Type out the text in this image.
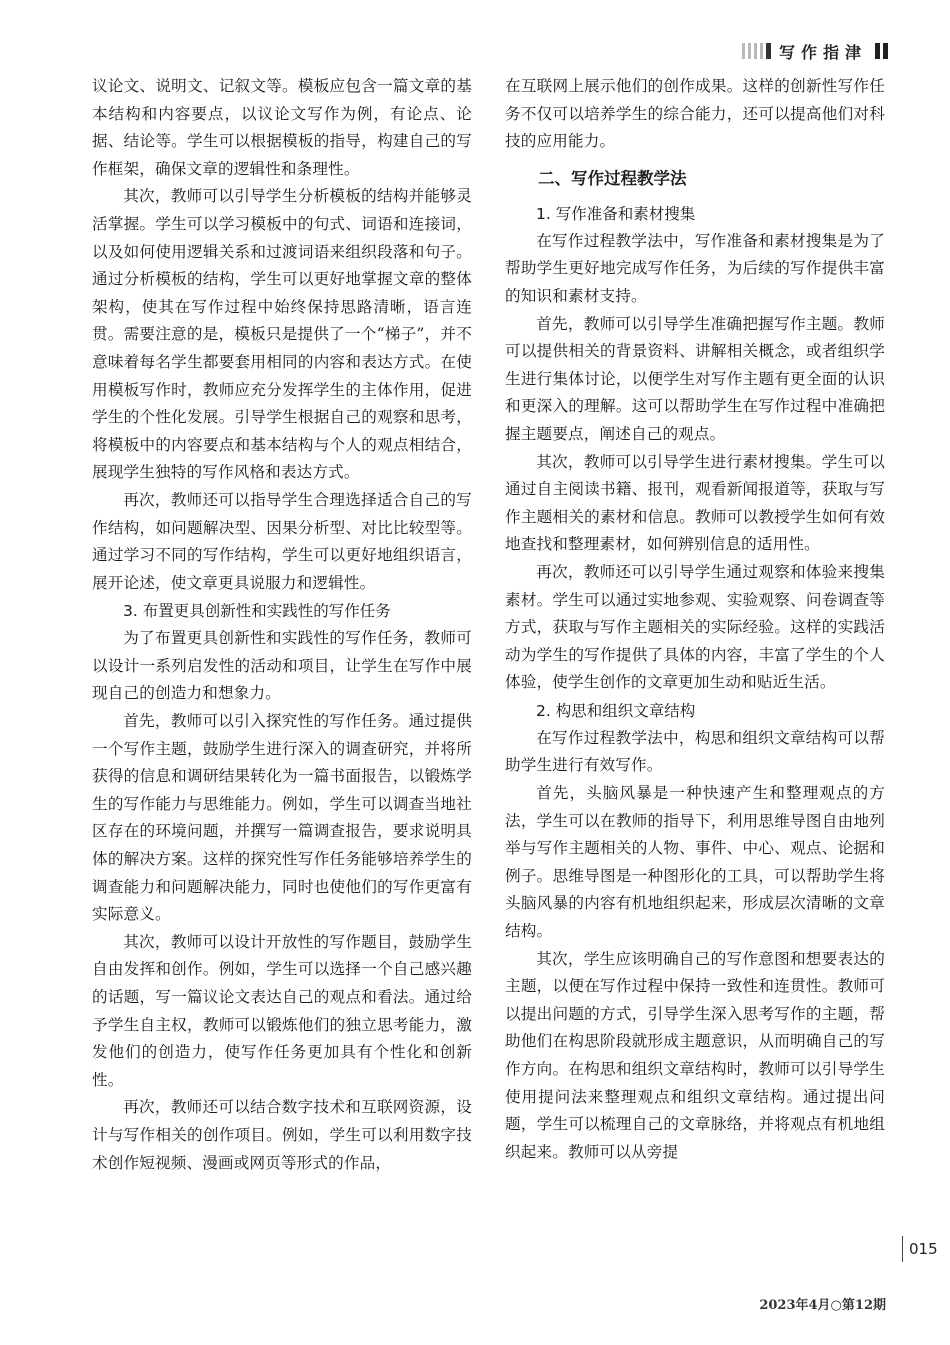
写作指津

议论文、说明文、记叙文等。模板应包含一篇文章的基本结构和内容要点，以议论文写作为例，有论点、论据、结论等。学生可以根据模板的指导，构建自己的写作框架，确保文章的逻辑性和条理性。

其次，教师可以引导学生分析模板的结构并能够灵活掌握。学生可以学习模板中的句式、词语和连接词，以及如何使用逻辑关系和过渡词语来组织段落和句子。通过分析模板的结构，学生可以更好地掌握文章的整体架构，使其在写作过程中始终保持思路清晰，语言连贯。需要注意的是，模板只是提供了一个“梯子”，并不意味着每名学生都要套用相同的内容和表达方式。在使用模板写作时，教师应充分发挥学生的主体作用，促进学生的个性化发展。引导学生根据自己的观察和思考，将模板中的内容要点和基本结构与个人的观点相结合，展现学生独特的写作风格和表达方式。

再次，教师还可以指导学生合理选择适合自己的写作结构，如问题解决型、因果分析型、对比比较型等。通过学习不同的写作结构，学生可以更好地组织语言，展开论述，使文章更具说服力和逻辑性。

3. 布置更具创新性和实践性的写作任务

为了布置更具创新性和实践性的写作任务，教师可以设计一系列启发性的活动和项目，让学生在写作中展现自己的创造力和想象力。

首先，教师可以引入探究性的写作任务。通过提供一个写作主题，鼓励学生进行深入的调查研究，并将所获得的信息和调研结果转化为一篇书面报告，以锻炼学生的写作能力与思维能力。例如，学生可以调查当地社区存在的环境问题，并撰写一篇调查报告，要求说明具体的解决方案。这样的探究性写作任务能够培养学生的调查能力和问题解决能力，同时也使他们的写作更富有实际意义。

其次，教师可以设计开放性的写作题目，鼓励学生自由发挥和创作。例如，学生可以选择一个自己感兴趣的话题，写一篇议论文表达自己的观点和看法。通过给予学生自主权，教师可以锻炼他们的独立思考能力，激发他们的创造力，使写作任务更加具有个性化和创新性。

再次，教师还可以结合数字技术和互联网资源，设计与写作相关的创作项目。例如，学生可以利用数字技术创作短视频、漫画或网页等形式的作品，

在互联网上展示他们的创作成果。这样的创新性写作任务不仅可以培养学生的综合能力，还可以提高他们对科技的应用能力。

二、写作过程教学法
1. 写作准备和素材搜集

在写作过程教学法中，写作准备和素材搜集是为了帮助学生更好地完成写作任务，为后续的写作提供丰富的知识和素材支持。

首先，教师可以引导学生准确把握写作主题。教师可以提供相关的背景资料、讲解相关概念，或者组织学生进行集体讨论，以便学生对写作主题有更全面的认识和更深入的理解。这可以帮助学生在写作过程中准确把握主题要点，阐述自己的观点。

其次，教师可以引导学生进行素材搜集。学生可以通过自主阅读书籍、报刊，观看新闻报道等，获取与写作主题相关的素材和信息。教师可以教授学生如何有效地查找和整理素材，如何辨别信息的适用性。

再次，教师还可以引导学生通过观察和体验来搜集素材。学生可以通过实地参观、实验观察、问卷调查等方式，获取与写作主题相关的实际经验。这样的实践活动为学生的写作提供了具体的内容，丰富了学生的个人体验，使学生创作的文章更加生动和贴近生活。

2. 构思和组织文章结构

在写作过程教学法中，构思和组织文章结构可以帮助学生进行有效写作。

首先，头脑风暴是一种快速产生和整理观点的方法，学生可以在教师的指导下，利用思维导图自由地列举与写作主题相关的人物、事件、中心、观点、论据和例子。思维导图是一种图形化的工具，可以帮助学生将头脑风暴的内容有机地组织起来，形成层次清晰的文章结构。

其次，学生应该明确自己的写作意图和想要表达的主题，以便在写作过程中保持一致性和连贯性。教师可以提出问题的方式，引导学生深入思考写作的主题，帮助他们在构思阶段就形成主题意识，从而明确自己的写作方向。在构思和组织文章结构时，教师可以引导学生使用提问法来整理观点和组织文章结构。通过提出问题，学生可以梳理自己的文章脉络，并将观点有机地组织起来。教师可以从旁提

015
2023年4月○第12期
